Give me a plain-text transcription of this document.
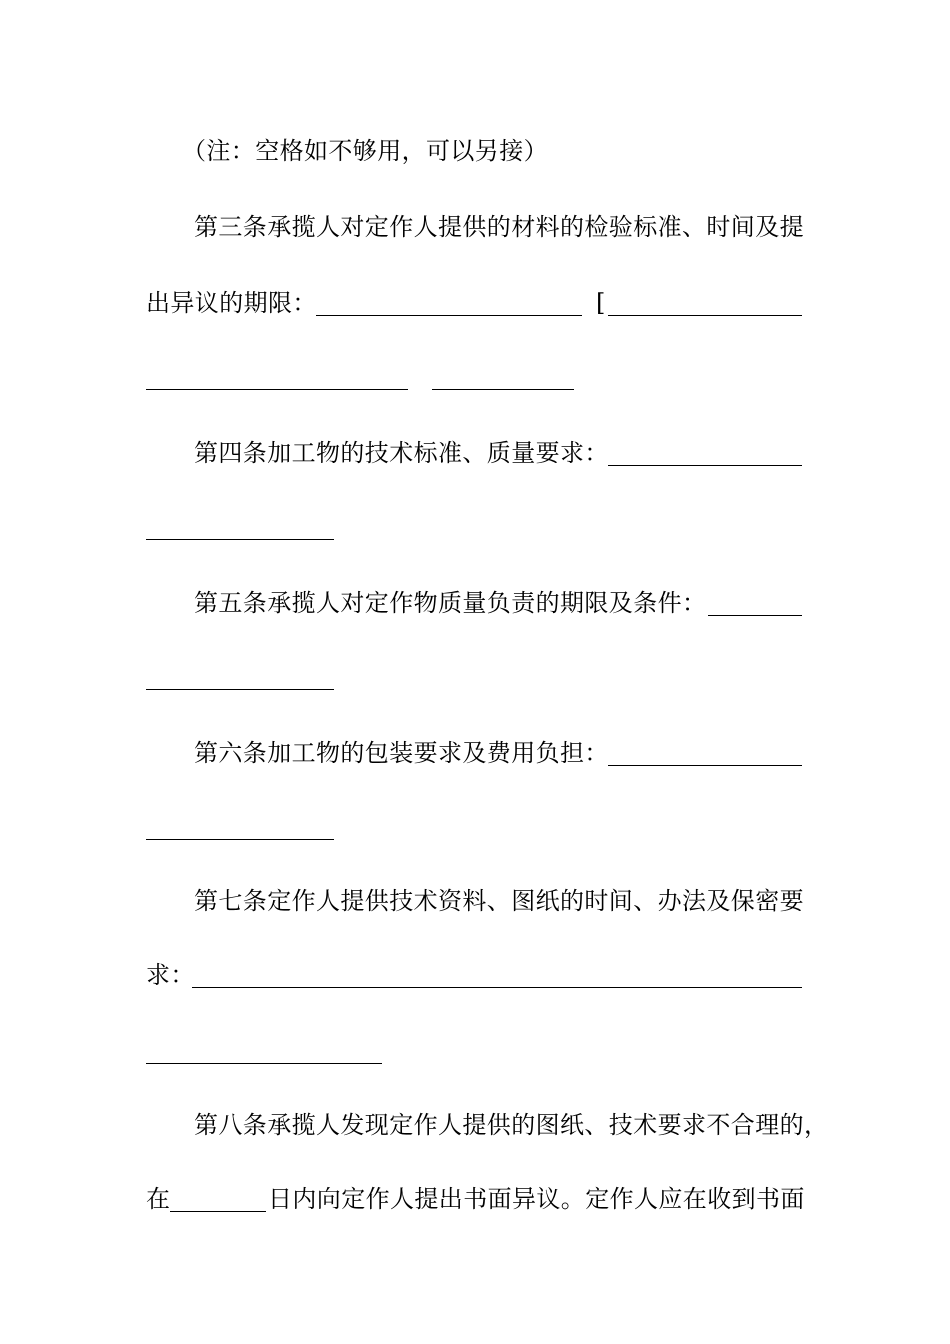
（注：空格如不够用，可以另接）
第三条承揽人对定作人提供的材料的检验标准、时间及提
出异议的期限：	[
第四条加工物的技术标准、质量要求：
第五条承揽人对定作物质量负责的期限及条件：
第六条加工物的包装要求及费用负担：
第七条定作人提供技术资料、图纸的时间、办法及保密要
求：
第八条承揽人发现定作人提供的图纸、技术要求不合理的，
在	日内向定作人提出书面异议。定作人应在收到书面
